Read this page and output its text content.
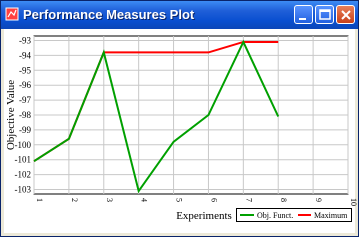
Performance Measures Plot
-93
-94
-95
-96
-97
-98
-99
-100
-101
-102
-103
1	2	3	4	5	6	7	8	9	10
Objective Value
Experiments	Obj. Funct.	Maximum
